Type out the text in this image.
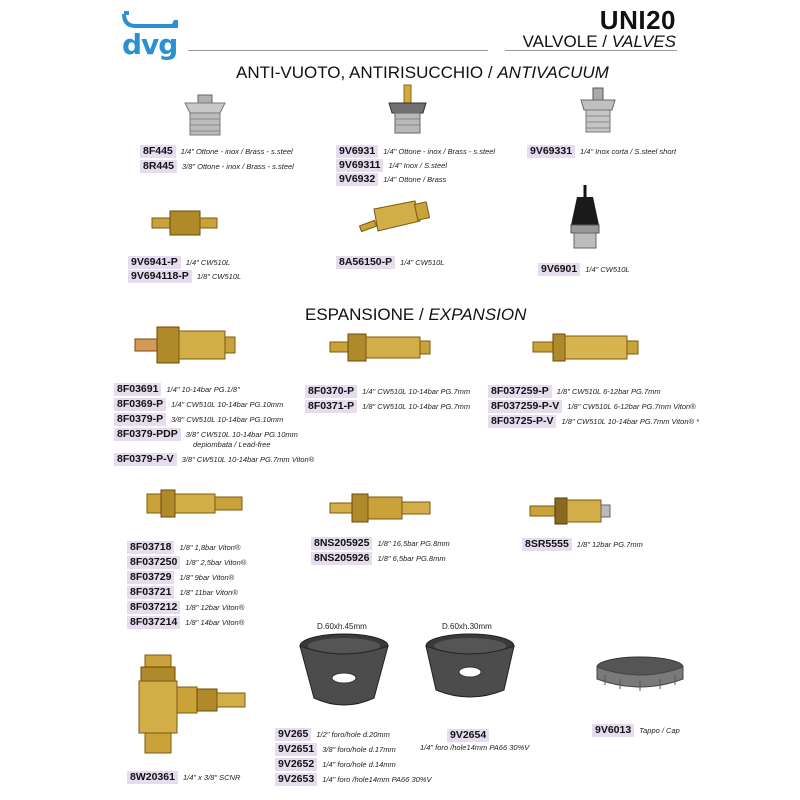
dvg
UNI20
VALVOLE / VALVES
ANTI-VUOTO, ANTIRISUCCHIO / ANTIVACUUM
8F445	1/4" Ottone - inox / Brass - s.steel
8R445	3/8" Ottone - inox / Brass - s.steel
9V6931	1/4" Ottone - inox / Brass - s.steel
9V69311	1/4" Inox / S.steel
9V6932	1/4" Ottone / Brass
9V69331	1/4" Inox corta / S.steel short
9V6941-P	1/4" CW510L
9V694118-P	1/8" CW510L
8A56150-P	1/4" CW510L
9V6901	1/4" CW510L
ESPANSIONE / EXPANSION
8F03691	1/4" 10-14bar PG.1/8"
8F0369-P	1/4" CW510L 10-14bar PG.10mm
8F0379-P	3/8" CW510L 10-14bar PG.10mm
8F0379-PDP	3/8" CW510L 10-14bar PG.10mm
depiombata / Lead-free
8F0379-P-V	3/8" CW510L 10-14bar PG.7mm Viton®
8F0370-P	1/4" CW510L 10-14bar PG.7mm
8F0371-P	1/8" CW510L 10-14bar PG.7mm
8F037259-P	1/8" CW510L 6-12bar PG.7mm
8F037259-P-V	1/8" CW510L 6-12bar PG.7mm Viton®
8F03725-P-V	1/8" CW510L 10-14bar PG.7mm Viton® *
8F03718	1/8" 1,8bar Viton®
8F037250	1/8" 2,5bar Viton®
8F03729	1/8" 9bar Viton®
8F03721	1/8" 11bar Viton®
8F037212	1/8" 12bar Viton®
8F037214	1/8" 14bar Viton®
8NS205925	1/8" 16,5bar PG.8mm
8NS205926	1/8" 6,5bar PG.8mm
8SR5555	1/8" 12bar PG.7mm
8W20361	1/4" x 3/8" SCNR
D.60xh.45mm
9V265	1/2" foro/hole d.20mm
9V2651	3/8" foro/hole d.17mm
9V2652	1/4" foro/hole d.14mm
9V2653	1/4" foro /hole14mm PA66 30%V
D.60xh.30mm
9V2654
1/4" foro /hole14mm PA66 30%V
9V6013	Tappo / Cap
